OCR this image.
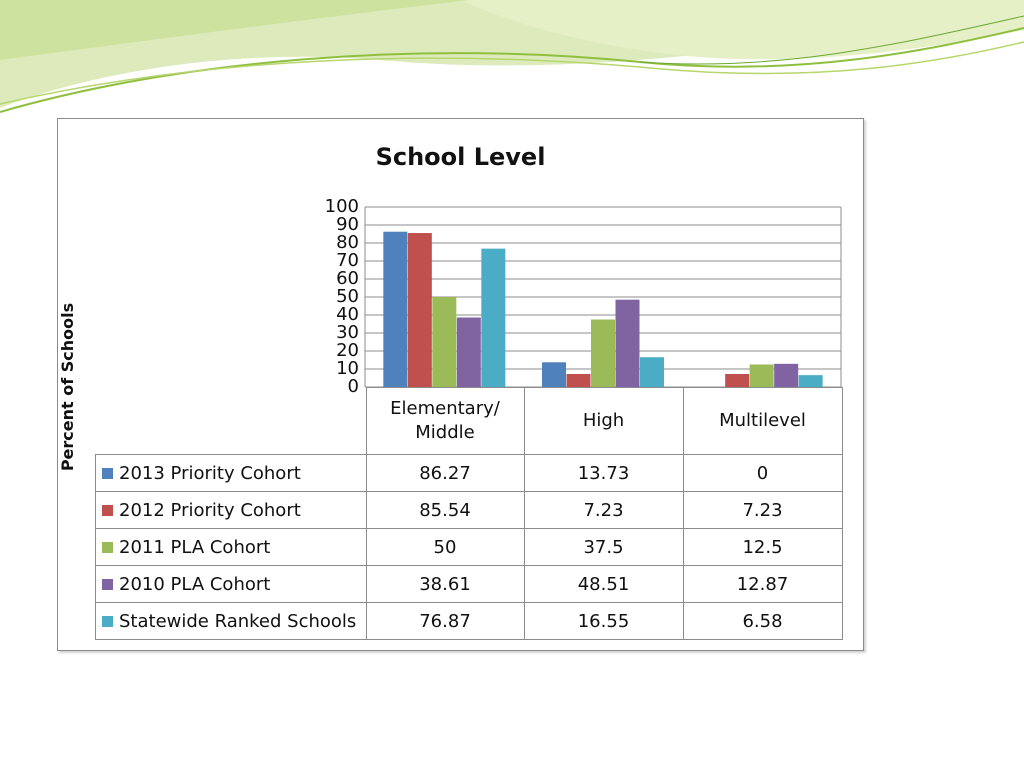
School Level
Percent of Schools	0
10
20
30
40
50
60
70
80
90
100
	Elementary/ Middle	High	Multilevel
2013 Priority Cohort	86.27	13.73	0
2012 Priority Cohort	85.54	7.23	7.23
2011 PLA Cohort	50	37.5	12.5
2010 PLA Cohort	38.61	48.51	12.87
Statewide Ranked Schools	76.87	16.55	6.58
